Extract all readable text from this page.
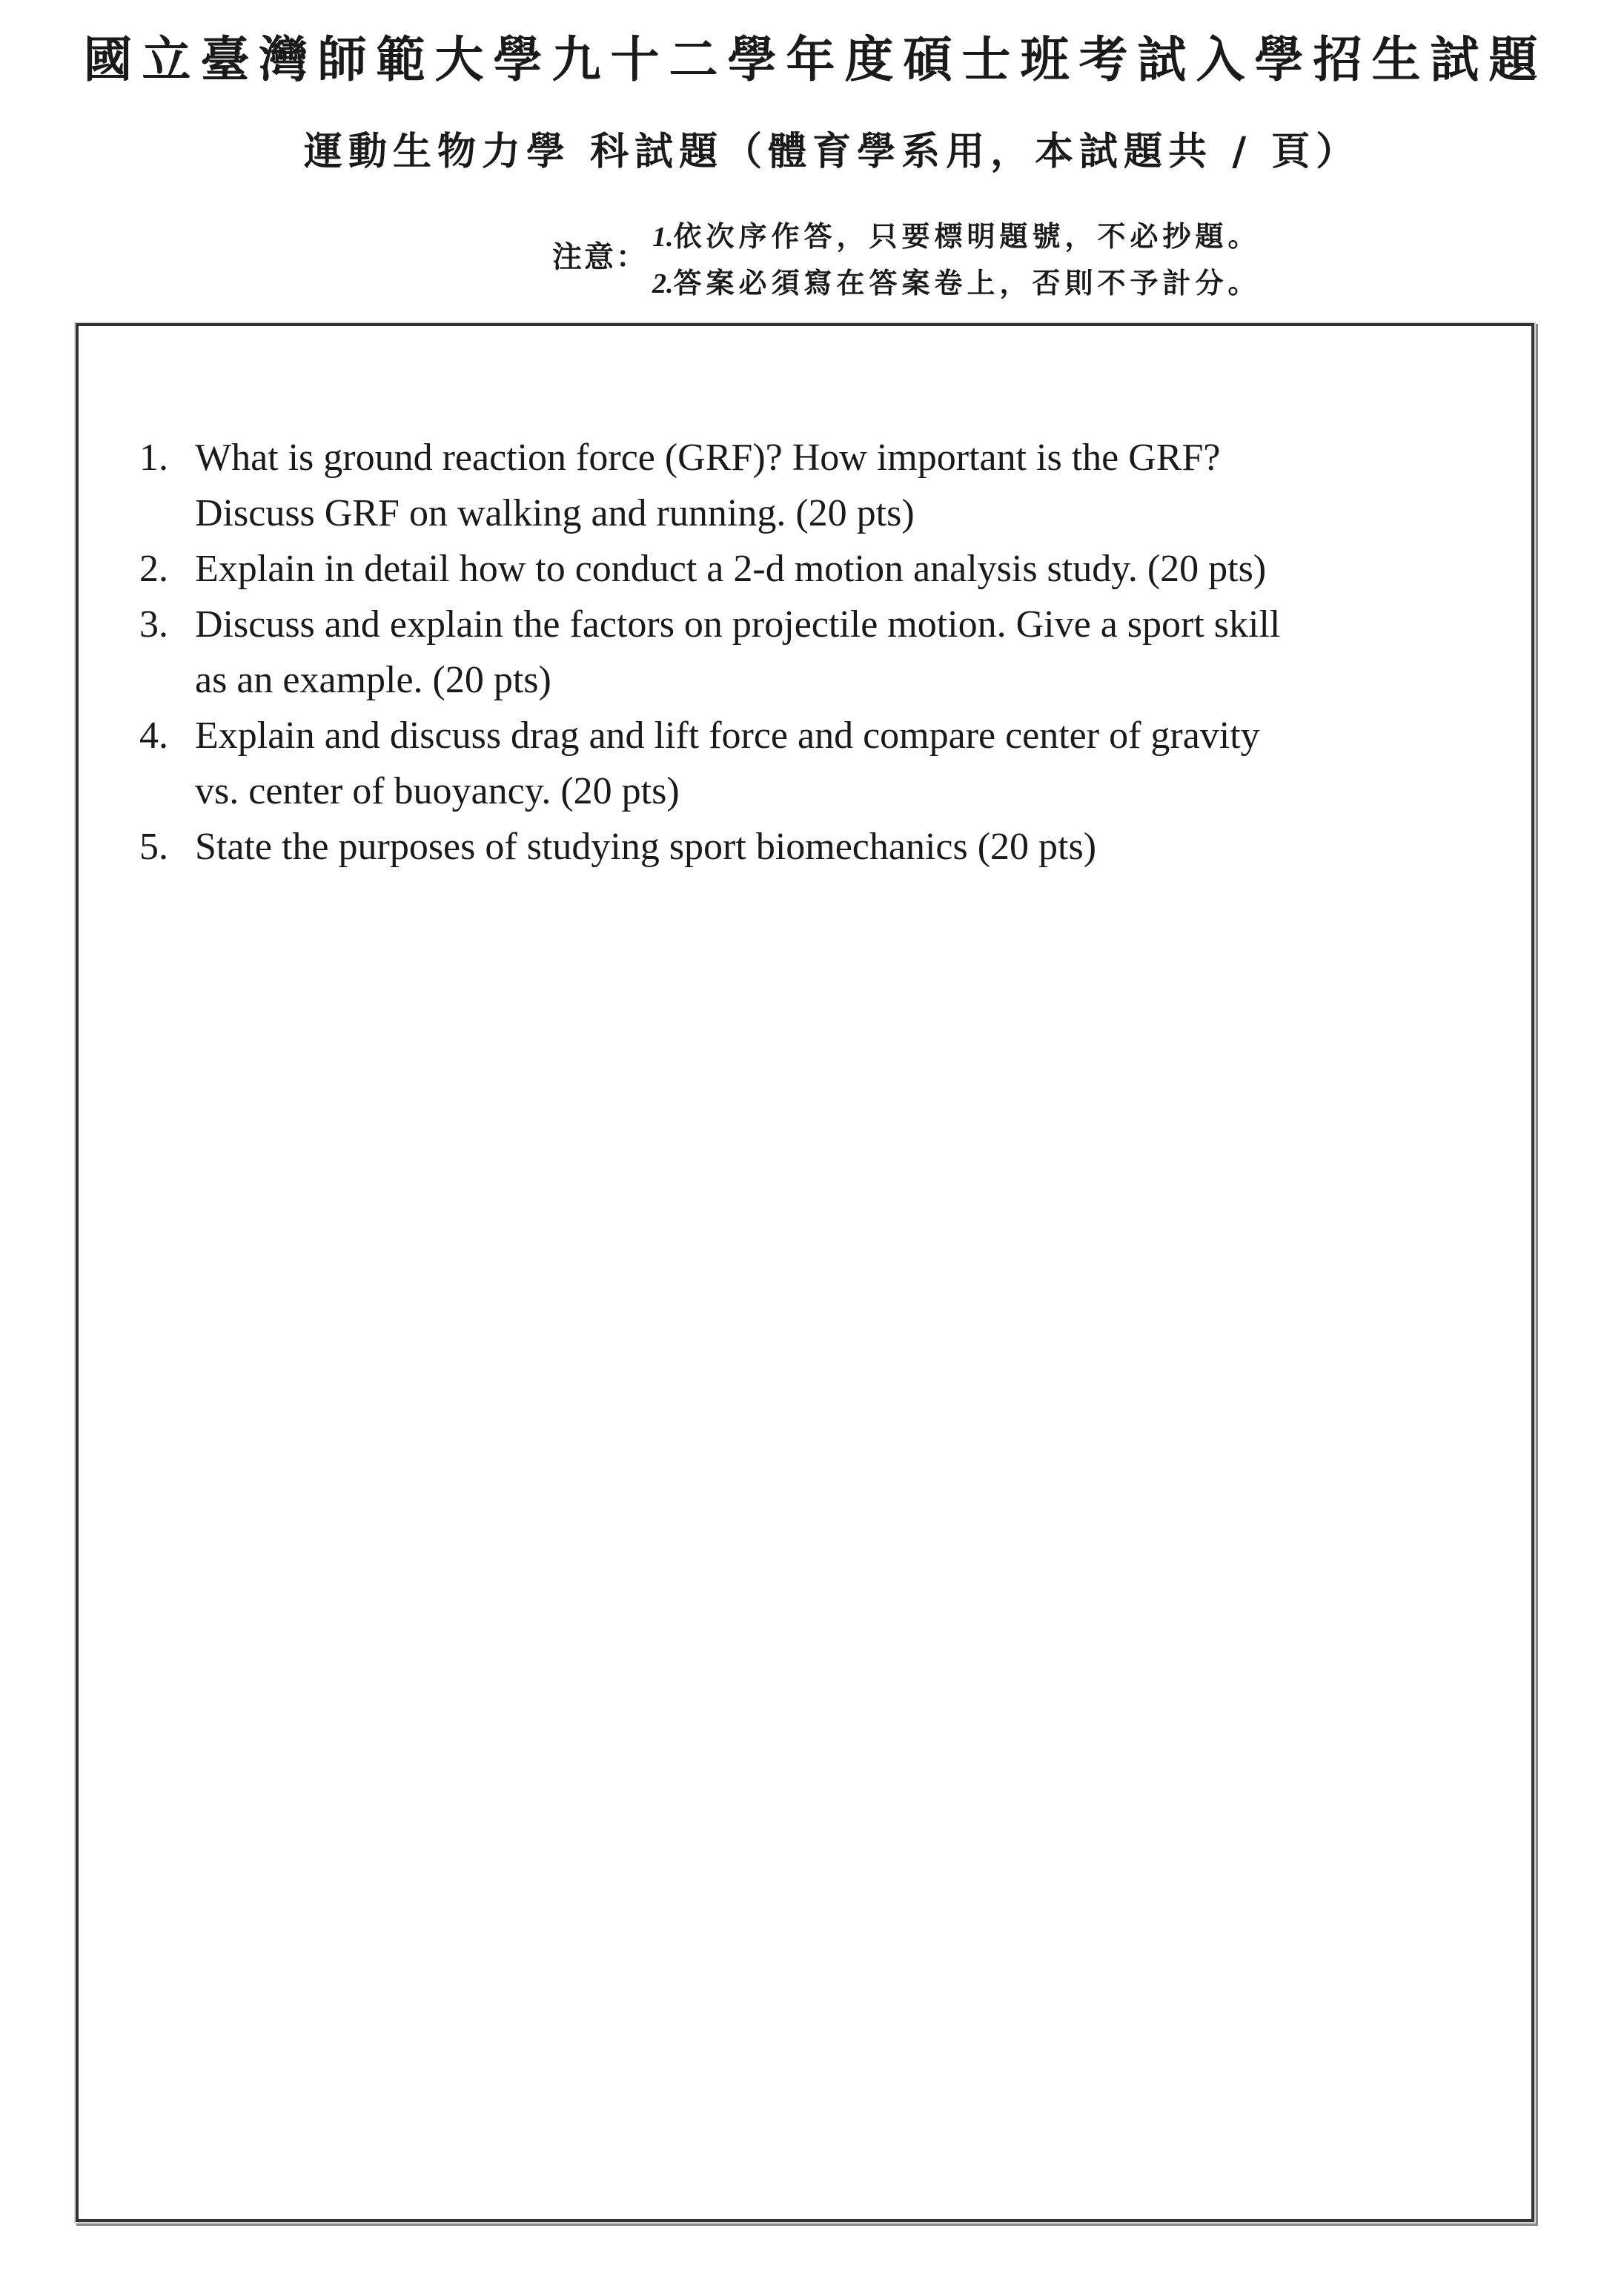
國立臺灣師範大學九十二學年度碩士班考試入學招生試題
運動生物力學 科試題（體育學系用，本試題共 / 頁）
注意：
1.依次序作答，只要標明題號，不必抄題。
2.答案必須寫在答案卷上，否則不予計分。
1. What is ground reaction force (GRF)? How important is the GRF?
Discuss GRF on walking and running. (20 pts)
2. Explain in detail how to conduct a 2-d motion analysis study. (20 pts)
3. Discuss and explain the factors on projectile motion. Give a sport skill
as an example. (20 pts)
4. Explain and discuss drag and lift force and compare center of gravity
vs. center of buoyancy. (20 pts)
5. State the purposes of studying sport biomechanics (20 pts)
